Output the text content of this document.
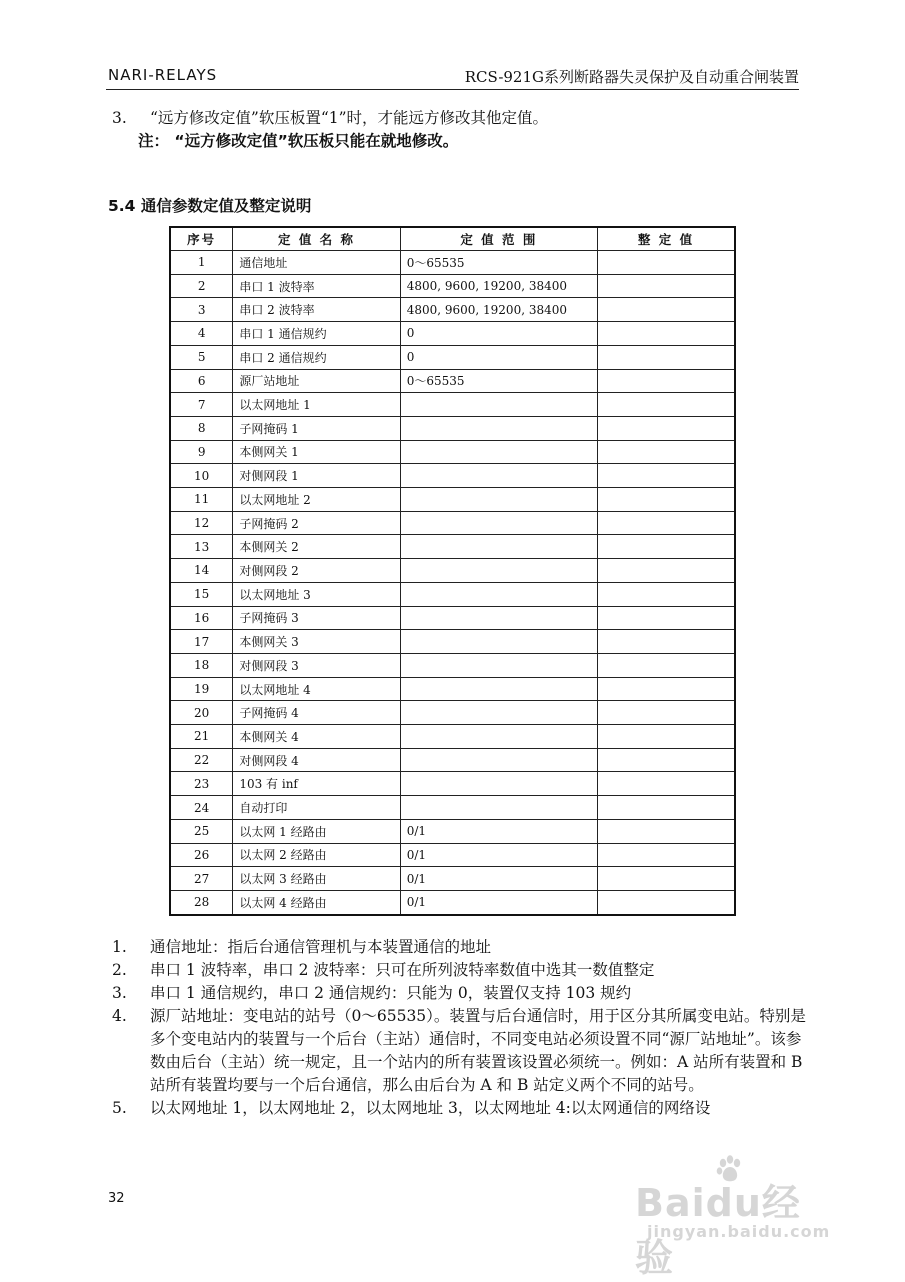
NARI-RELAYS	RCS-921G系列断路器失灵保护及自动重合闸装置
3. “远方修改定值”软压板置“1”时，才能远方修改其他定值。
注： “远方修改定值”软压板只能在就地修改。
5.4 通信参数定值及整定说明
序号	定 值 名 称	定 值 范 围	整 定 值
1	通信地址	0～65535	
2	串口 1 波特率	4800, 9600, 19200, 38400	
3	串口 2 波特率	4800, 9600, 19200, 38400	
4	串口 1 通信规约	0	
5	串口 2 通信规约	0	
6	源厂站地址	0～65535	
7	以太网地址 1		
8	子网掩码 1		
9	本侧网关 1		
10	对侧网段 1		
11	以太网地址 2		
12	子网掩码 2		
13	本侧网关 2		
14	对侧网段 2		
15	以太网地址 3		
16	子网掩码 3		
17	本侧网关 3		
18	对侧网段 3		
19	以太网地址 4		
20	子网掩码 4		
21	本侧网关 4		
22	对侧网段 4		
23	103 有 inf		
24	自动打印		
25	以太网 1 经路由	0/1	
26	以太网 2 经路由	0/1	
27	以太网 3 经路由	0/1	
28	以太网 4 经路由	0/1	
1.	通信地址：指后台通信管理机与本装置通信的地址
2.	串口 1 波特率，串口 2 波特率：只可在所列波特率数值中选其一数值整定
3.	串口 1 通信规约，串口 2 通信规约：只能为 0，装置仅支持 103 规约
4.	源厂站地址：变电站的站号（0～65535）。装置与后台通信时，用于区分其所属变电站。特别是多个变电站内的装置与一个后台（主站）通信时，不同变电站必须设置不同“源厂站地址”。该参数由后台（主站）统一规定，且一个站内的所有装置该设置必须统一。例如：A 站所有装置和 B 站所有装置均要与一个后台通信，那么由后台为 A 和 B 站定义两个不同的站号。
5.	以太网地址 1，以太网地址 2，以太网地址 3，以太网地址 4:以太网通信的网络设
32	Baidu经验
jingyan.baidu.com
